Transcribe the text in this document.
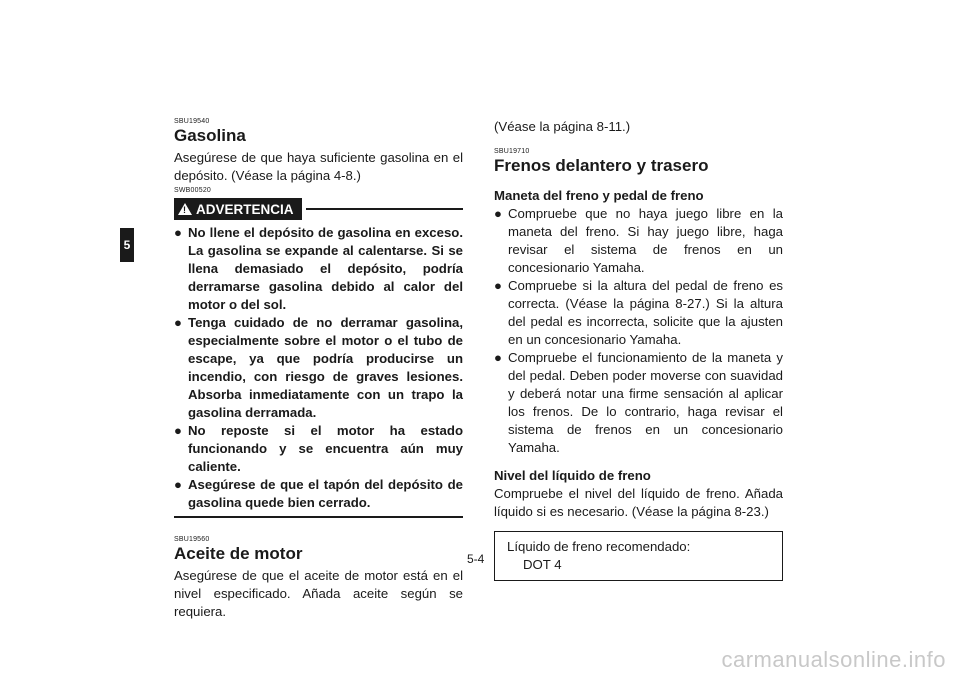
5

SBU19540

Gasolina

Asegúrese de que haya suficiente gasolina en el depósito. (Véase la página 4-8.)

SWB00520

! ADVERTENCIA
● No llene el depósito de gasolina en exceso. La gasolina se expande al calentarse. Si se llena demasiado el depósito, podría derramarse gasolina debido al calor del motor o del sol.
● Tenga cuidado de no derramar gasolina, especialmente sobre el motor o el tubo de escape, ya que podría producirse un incendio, con riesgo de graves lesiones. Absorba inmediatamente con un trapo la gasolina derramada.
● No reposte si el motor ha estado funcionando y se encuentra aún muy caliente.
● Asegúrese de que el tapón del depósito de gasolina quede bien cerrado.

SBU19560

Aceite de motor

Asegúrese de que el aceite de motor está en el nivel especificado. Añada aceite según se requiera.

(Véase la página 8-11.)

SBU19710

Frenos delantero y trasero

Maneta del freno y pedal de freno

● Compruebe que no haya juego libre en la maneta del freno. Si hay juego libre, haga revisar el sistema de frenos en un concesionario Yamaha.
● Compruebe si la altura del pedal de freno es correcta. (Véase la página 8-27.) Si la altura del pedal es incorrecta, solicite que la ajusten en un concesionario Yamaha.
● Compruebe el funcionamiento de la maneta y del pedal. Deben poder moverse con suavidad y deberá notar una firme sensación al aplicar los frenos. De lo contrario, haga revisar el sistema de frenos en un concesionario Yamaha.

Nivel del líquido de freno

Compruebe el nivel del líquido de freno. Añada líquido si es necesario. (Véase la página 8-23.)

Líquido de freno recomendado:
DOT 4
5-4
carmanualsonline.info
